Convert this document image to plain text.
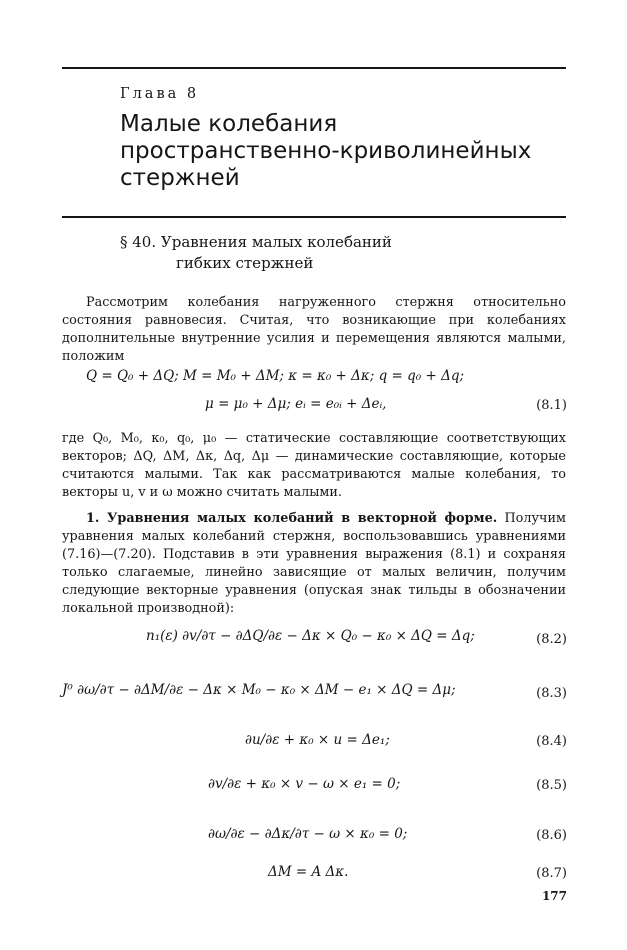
Глава 8
Малые колебания
пространственно-криволинейных
стержней
§ 40. Уравнения малых колебаний
гибких стержней
Рассмотрим колебания нагруженного стержня относительно состояния равновесия. Считая, что возникающие при колебаниях дополнительные внутренние усилия и перемещения являются малыми, положим
Q = Q₀ + ΔQ; M = M₀ + ΔM; κ = κ₀ + Δκ; q = q₀ + Δq;
μ = μ₀ + Δμ; eᵢ = e₀ᵢ + Δeᵢ,	(8.1)
где Q₀, M₀, κ₀, q₀, μ₀ — статические составляющие соответствующих векторов; ΔQ, ΔM, Δκ, Δq, Δμ — динамические составляющие, которые считаются малыми. Так как рассматриваются малые колебания, то векторы u, v и ω можно считать малыми.
1. Уравнения малых колебаний в векторной форме. Получим уравнения малых колебаний стержня, воспользовавшись уравнениями (7.16)—(7.20). Подставив в эти уравнения выражения (8.1) и сохраняя только слагаемые, линейно зависящие от малых величин, получим следующие векторные уравнения (опуская знак тильды в обозначении локальной производной):
n₁(ε) ∂v/∂τ − ∂ΔQ/∂ε − Δκ × Q₀ − κ₀ × ΔQ = Δq;	(8.2)
J⁰ ∂ω/∂τ − ∂ΔM/∂ε − Δκ × M₀ − κ₀ × ΔM − e₁ × ΔQ = Δμ;	(8.3)
∂u/∂ε + κ₀ × u = Δe₁;	(8.4)
∂v/∂ε + κ₀ × v − ω × e₁ = 0;	(8.5)
∂ω/∂ε − ∂Δκ/∂τ − ω × κ₀ = 0;	(8.6)
ΔM = A Δκ.	(8.7)
177
